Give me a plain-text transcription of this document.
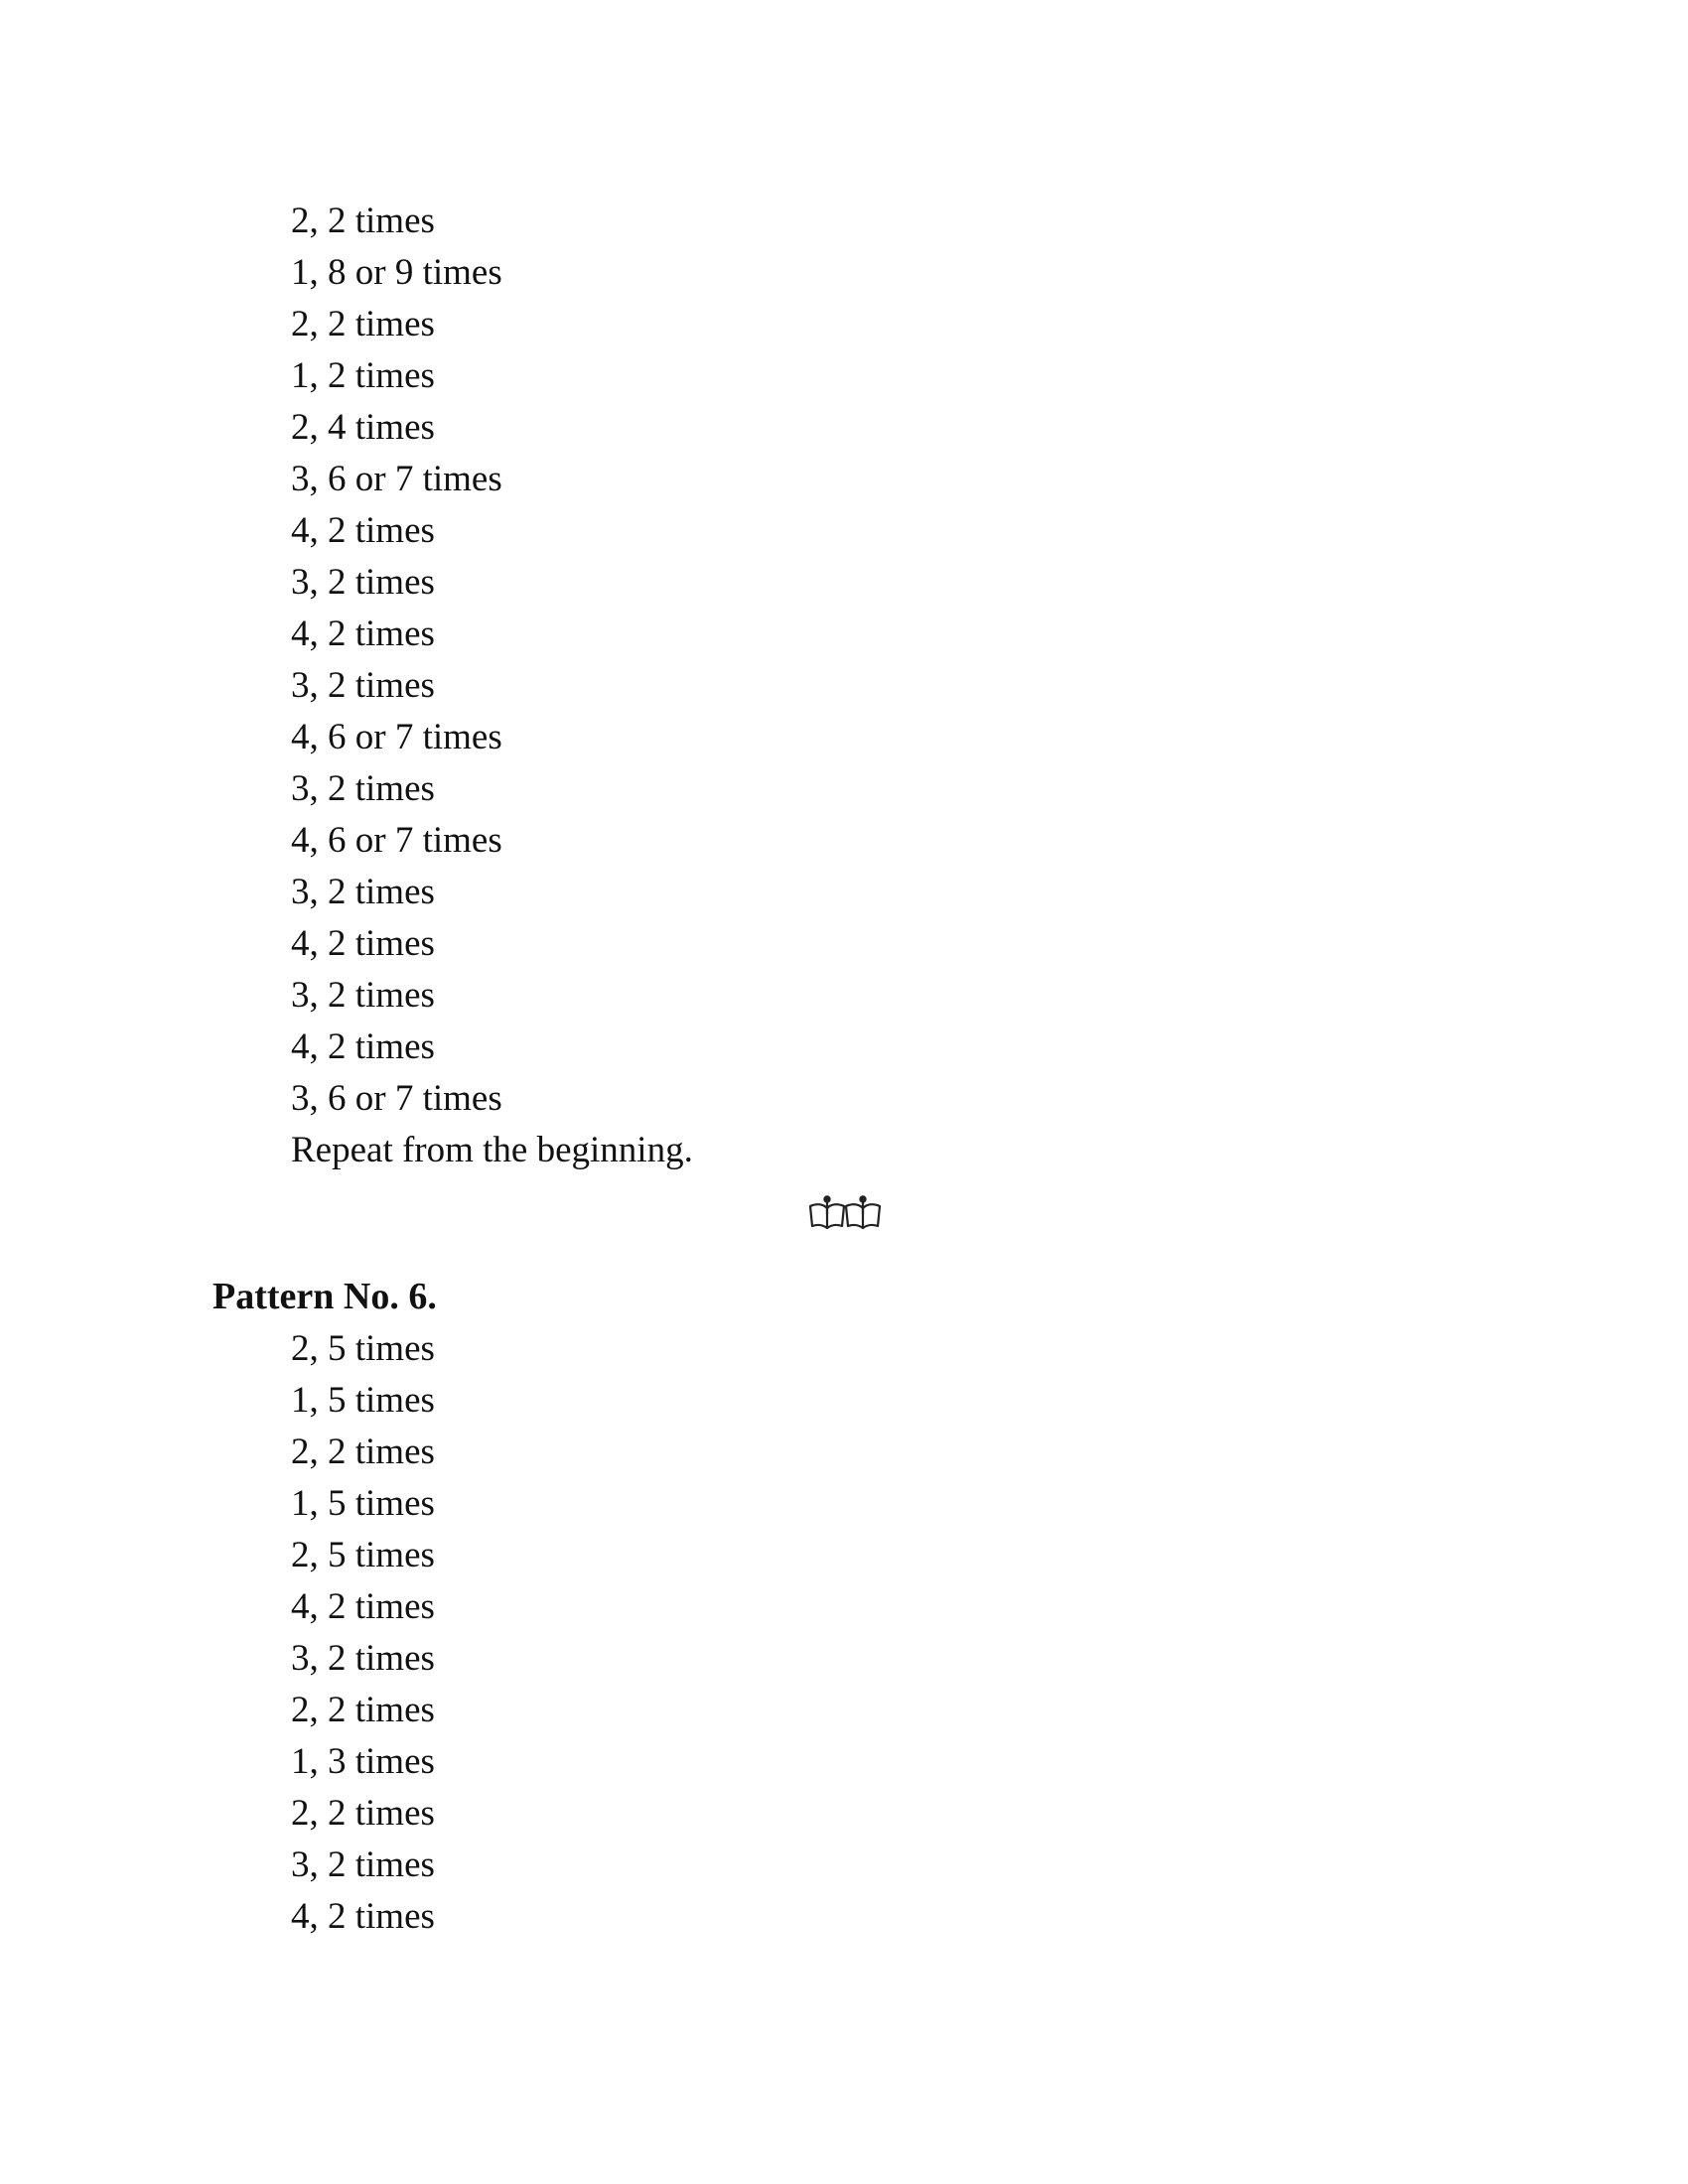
2, 2 times
1, 8 or 9 times
2, 2 times
1, 2 times
2, 4 times
3, 6 or 7 times
4, 2 times
3, 2 times
4, 2 times
3, 2 times
4, 6 or 7 times
3, 2 times
4, 6 or 7 times
3, 2 times
4, 2 times
3, 2 times
4, 2 times
3, 6 or 7 times
Repeat from the beginning.
Pattern No. 6.
2, 5 times
1, 5 times
2, 2 times
1, 5 times
2, 5 times
4, 2 times
3, 2 times
2, 2 times
1, 3 times
2, 2 times
3, 2 times
4, 2 times
